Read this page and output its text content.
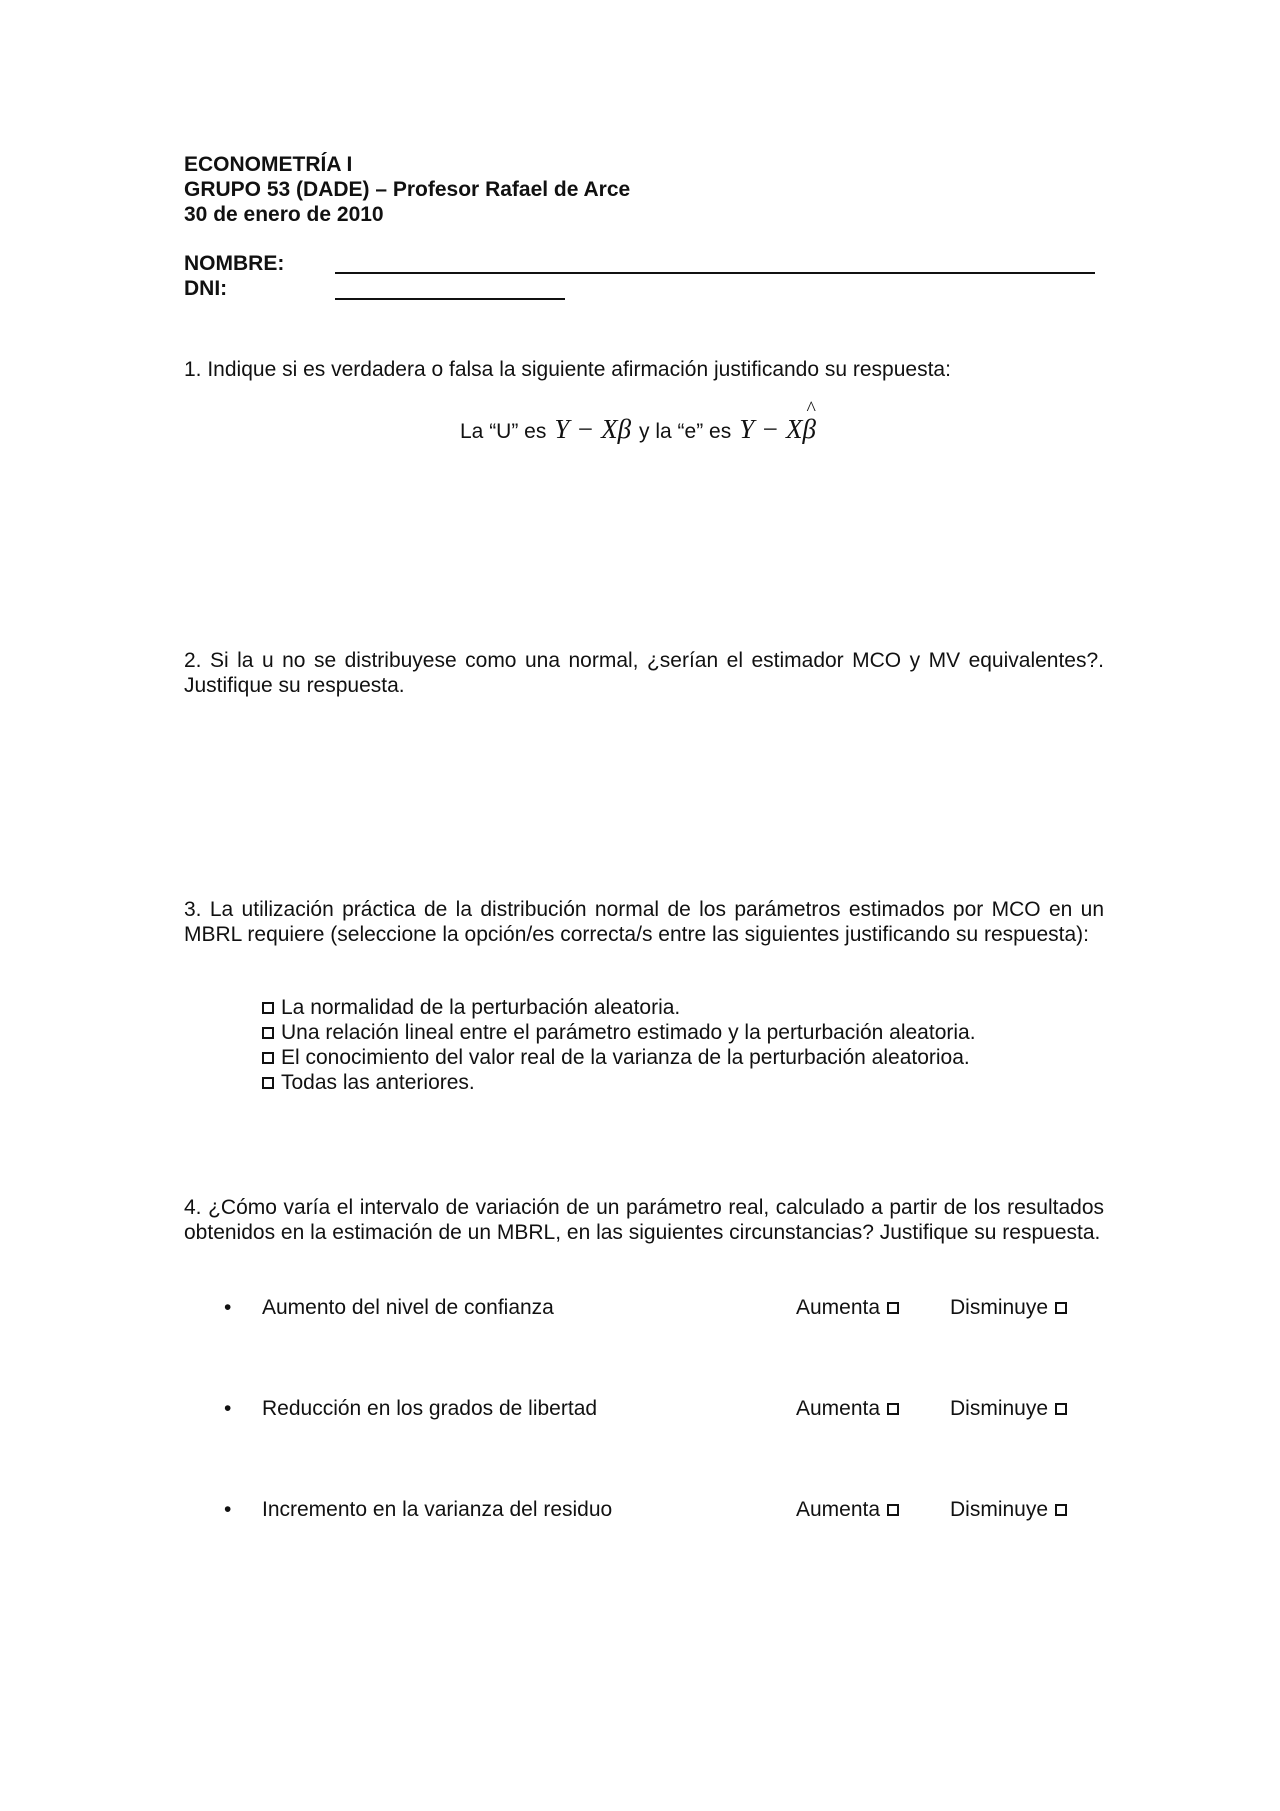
ECONOMETRÍA I
GRUPO 53 (DADE) – Profesor Rafael de Arce
30 de enero de 2010
NOMBRE:
DNI:
1. Indique si es verdadera o falsa la siguiente afirmación justificando su respuesta:
La “U” es Y − Xβ y la “e” es Y − X^ β
2. Si la u no se distribuyese como una normal, ¿serían el estimador MCO y MV equivalentes?. Justifique su respuesta.
3. La utilización práctica de la distribución normal de los parámetros estimados por MCO en un MBRL requiere (seleccione la opción/es correcta/s entre las siguientes justificando su respuesta):
La normalidad de la perturbación aleatoria.
Una relación lineal entre el parámetro estimado y la perturbación aleatoria.
El conocimiento del valor real de la varianza de la perturbación aleatorioa.
Todas las anteriores.
4. ¿Cómo varía el intervalo de variación de un parámetro real, calculado a partir de los resultados obtenidos en la estimación de un MBRL, en las siguientes circunstancias? Justifique su respuesta.
• Aumento del nivel de confianza	Aumenta	Disminuye
• Reducción en los grados de libertad	Aumenta	Disminuye
• Incremento en la varianza del residuo	Aumenta	Disminuye
